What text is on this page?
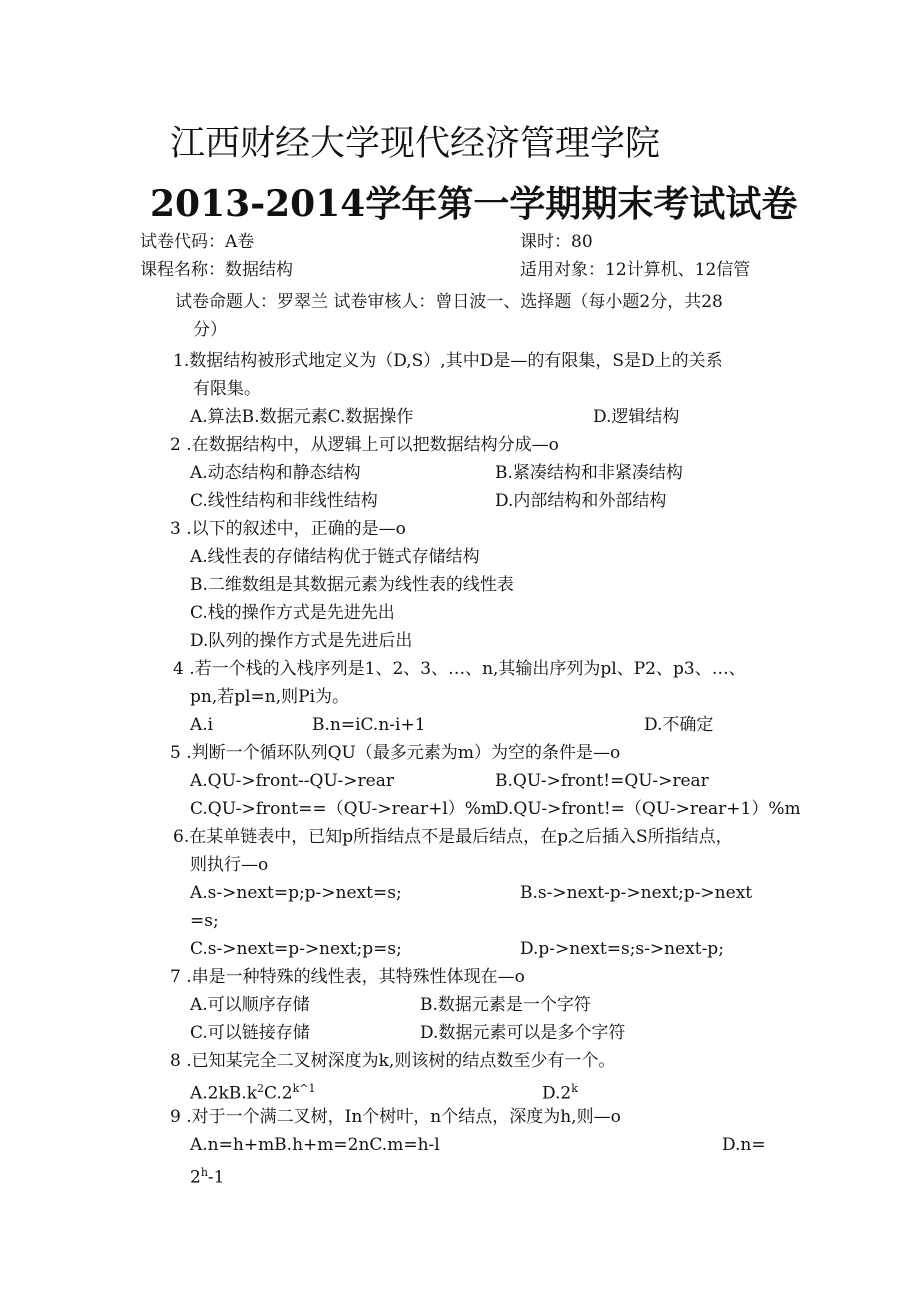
江西财经大学现代经济管理学院
2013-2014学年第一学期期末考试试卷
试卷代码：A卷	课时：80
课程名称：数据结构	适用对象：12计算机、12信管
试卷命题人：罗翠兰 试卷审核人：曾日波一、选择题（每小题2分，共28
分）
1.数据结构被形式地定义为（D,S）,其中D是—的有限集，S是D上的关系
有限集。
A.算法B.数据元素C.数据操作	D.逻辑结构
2 .在数据结构中，从逻辑上可以把数据结构分成—o
A.动态结构和静态结构	B.紧凑结构和非紧凑结构
C.线性结构和非线性结构	D.内部结构和外部结构
3 .以下的叙述中，正确的是—o
A.线性表的存储结构优于链式存储结构
B.二维数组是其数据元素为线性表的线性表
C.栈的操作方式是先进先出
D.队列的操作方式是先进后出
4 .若一个栈的入栈序列是1、2、3、…、n,其输出序列为pl、P2、p3、…、
pn,若pl=n,则Pi为。
A.i	B.n=iC.n-i+1	D.不确定
5 .判断一个循环队列QU（最多元素为m）为空的条件是—o
A.QU->front--QU->rear	B.QU->front!=QU->rear
C.QU->front==（QU->rear+l）%m
D.QU->front!=（QU->rear+1）%m
6.在某单链表中，已知p所指结点不是最后结点，在p之后插入S所指结点，
则执行—o
A.s->next=p;p->next=s;	B.s->next-p->next;p->next
=s;
C.s->next=p->next;p=s;	D.p->next=s;s->next-p;
7 .串是一种特殊的线性表，其特殊性体现在—o
A.可以顺序存储	B.数据元素是一个字符
C.可以链接存储	D.数据元素可以是多个字符
8 .已知某完全二叉树深度为k,则该树的结点数至少有一个。
$A.2kB.k^2C.2^{k\^{}1}$	D.2$^k$
9 .对于一个满二叉树，In个树叶，n个结点，深度为h,则—o
A.n=h+mB.h+m=2nC.m=h-l	D.n=
$2^h-1$
